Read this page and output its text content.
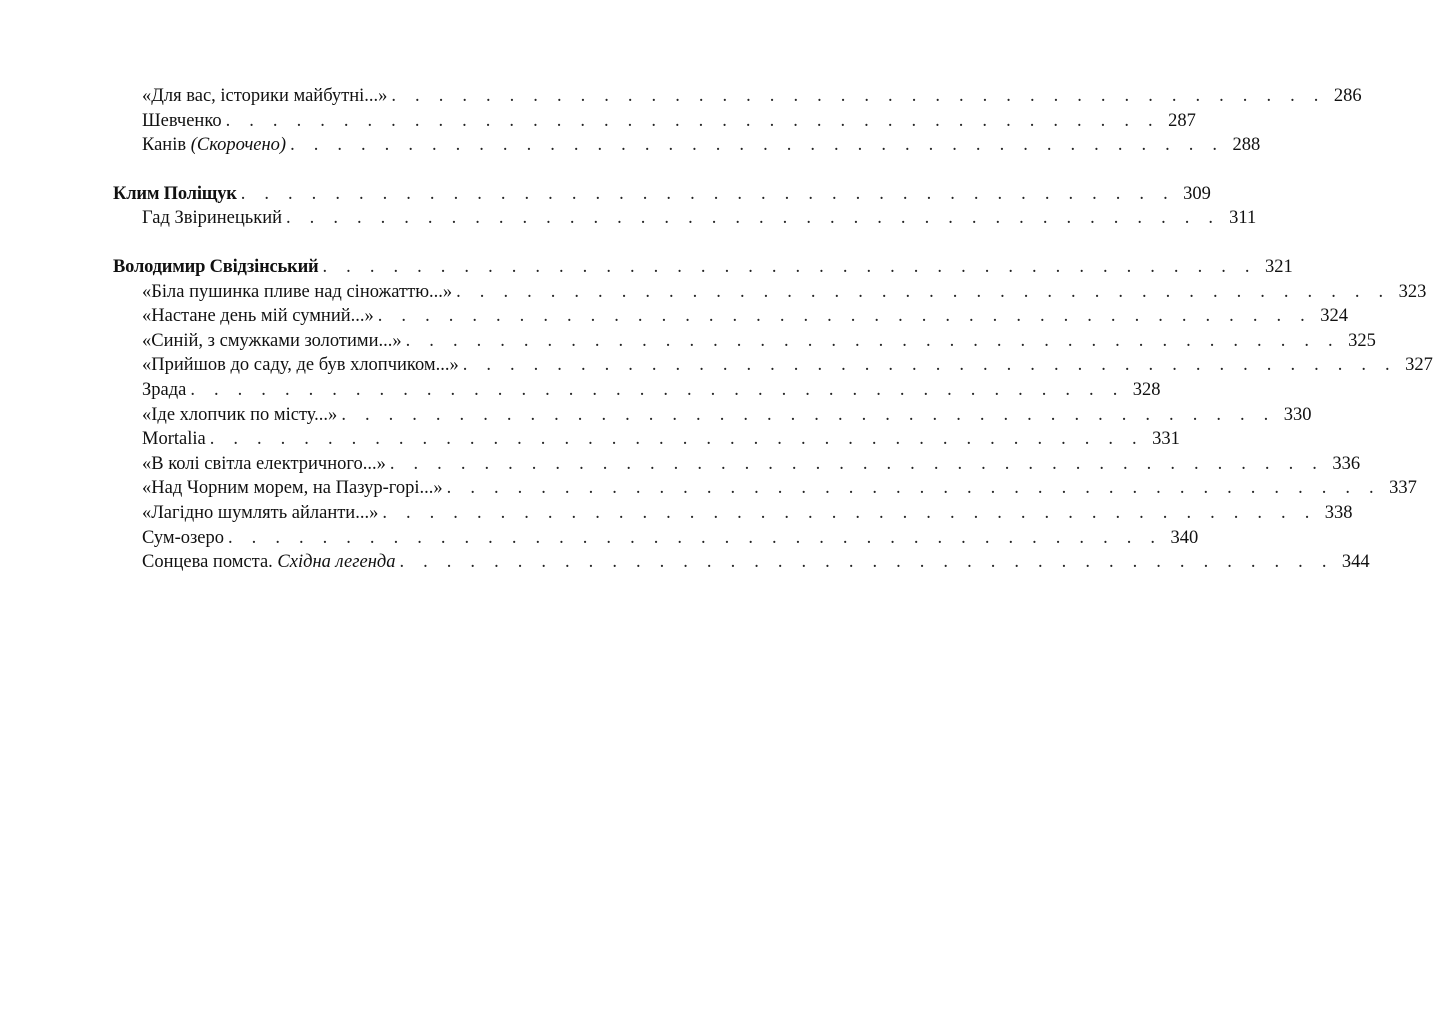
«Для вас, історики майбутні...» . . . . . . . . . . . . . . . . . . . . . . . . . . . . . . . . . . . . . . . . 286
Шевченко . . . . . . . . . . . . . . . . . . . . . . . . . . . . . . . . . . . . . . . . 287
Канів (Скорочено) . . . . . . . . . . . . . . . . . . . . . . . . . . . . . . . . . . . . . . . . 288
Клим Поліщук . . . . . . . . . . . . . . . . . . . . . . . . . . . . . . . . . . . . . . . . 309
Гад Звіринецький . . . . . . . . . . . . . . . . . . . . . . . . . . . . . . . . . . . . . . . . 311
Володимир Свідзінський . . . . . . . . . . . . . . . . . . . . . . . . . . . . . . . . . . . . . . . . 321
«Біла пушинка пливе над сіножаттю...» . . . . . . . . . . . . . . . . . . . . . . . . . . . . . . . . . . . . . . . . 323
«Настане день мій сумний...» . . . . . . . . . . . . . . . . . . . . . . . . . . . . . . . . . . . . . . . . 324
«Синій, з смужками золотими...» . . . . . . . . . . . . . . . . . . . . . . . . . . . . . . . . . . . . . . . . 325
«Прийшов до саду, де був хлопчиком...» . . . . . . . . . . . . . . . . . . . . . . . . . . . . . . . . . . . . . . . . 327
Зрада . . . . . . . . . . . . . . . . . . . . . . . . . . . . . . . . . . . . . . . . 328
«Іде хлопчик по місту...» . . . . . . . . . . . . . . . . . . . . . . . . . . . . . . . . . . . . . . . . 330
Mortalia . . . . . . . . . . . . . . . . . . . . . . . . . . . . . . . . . . . . . . . . 331
«В колі світла електричного...» . . . . . . . . . . . . . . . . . . . . . . . . . . . . . . . . . . . . . . . . 336
«Над Чорним морем, на Пазур-горі...» . . . . . . . . . . . . . . . . . . . . . . . . . . . . . . . . . . . . . . . . 337
«Лагідно шумлять айланти...» . . . . . . . . . . . . . . . . . . . . . . . . . . . . . . . . . . . . . . . . 338
Сум-озеро . . . . . . . . . . . . . . . . . . . . . . . . . . . . . . . . . . . . . . . . 340
Сонцева помста. Східна легенда . . . . . . . . . . . . . . . . . . . . . . . . . . . . . . . . . . . . . . . . 344
